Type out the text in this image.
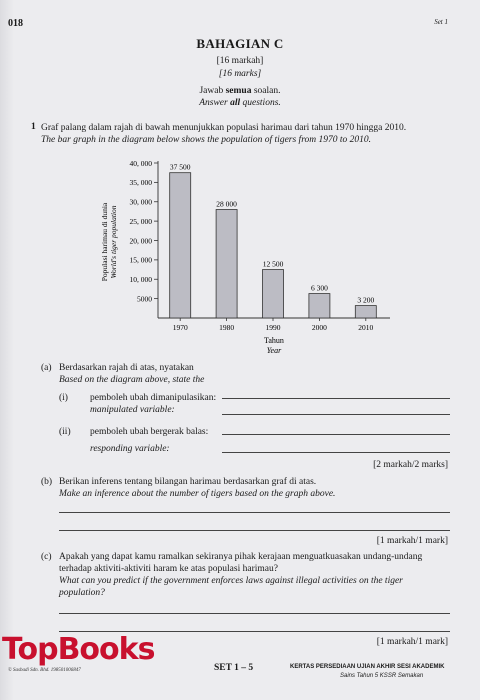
018	Set 1
BAHAGIAN C
[16 markah]
[16 marks]
Jawab semua soalan.
Answer all questions.
1 Graf palang dalam rajah di bawah menunjukkan populasi harimau dari tahun 1970 hingga 2010.
The bar graph in the diagram below shows the population of tigers from 1970 to 2010.
5000
10, 000
15, 000
20, 000
25, 000
30, 000
35, 000
40, 000 37 500
1970
28 000
1980
12 500
1990
6 300
2000
3 200
2010
Populasi harimau di dunia World's tiger population
Tahun
Year
(a) Berdasarkan rajah di atas, nyatakan
Based on the diagram above, state the
(i) pemboleh ubah dimanipulasikan:
manipulated variable:
(ii) pemboleh ubah bergerak balas:
responding variable:
[2 markah/2 marks]
(b) Berikan inferens tentang bilangan harimau berdasarkan graf di atas.
Make an inference about the number of tigers based on the graph above.
[1 markah/1 mark]
(c) Apakah yang dapat kamu ramalkan sekiranya pihak kerajaan menguatkuasakan undang-undang
terhadap aktiviti-aktiviti haram ke atas populasi harimau?
What can you predict if the government enforces laws against illegal activities on the tiger
population?
[1 markah/1 mark]
TopBooks
© Sasbadi Sdn. Bhd. 198501006847	SET 1 – 5	KERTAS PERSEDIAAN UJIAN AKHIR SESI AKADEMIK
Sains Tahun 5 KSSR Semakan
